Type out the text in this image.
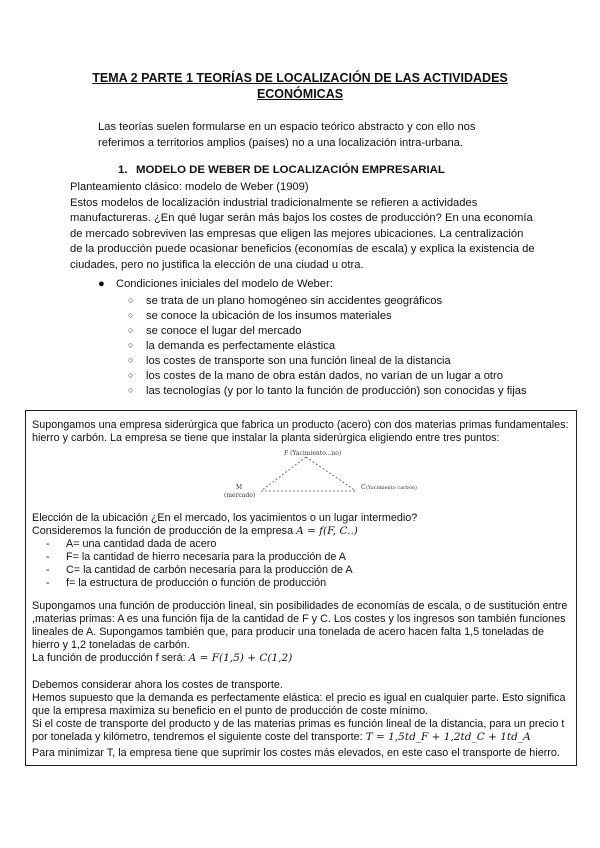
TEMA 2 PARTE 1 TEORÍAS DE LOCALIZACIÓN DE LAS ACTIVIDADES ECONÓMICAS
Las teorías suelen formularse en un espacio teórico abstracto y con ello nos referimos a territorios amplios (países) no a una localización intra-urbana.
1. MODELO DE WEBER DE LOCALIZACIÓN EMPRESARIAL
Planteamiento clásico: modelo de Weber (1909)
Estos modelos de localización industrial tradicionalmente se refieren a actividades manufactureras. ¿En qué lugar serán más bajos los costes de producción? En una economía de mercado sobreviven las empresas que eligen las mejores ubicaciones. La centralización de la producción puede ocasionar beneficios (economías de escala) y explica la existencia de ciudades, pero no justifica la elección de una ciudad u otra.
● Condiciones iniciales del modelo de Weber:
○ se trata de un plano homogéneo sin accidentes geográficos
○ se conoce la ubicación de los insumos materiales
○ se conoce el lugar del mercado
○ la demanda es perfectamente elástica
○ los costes de transporte son una función lineal de la distancia
○ los costes de la mano de obra están dados, no varían de un lugar a otro
○ las tecnologías (y por lo tanto la función de producción) son conocidas y fijas
Supongamos una empresa siderúrgica que fabrica un producto (acero) con dos materias primas fundamentales: hierro y carbón. La empresa se tiene que instalar la planta siderúrgica eligiendo entre tres puntos:
F (Yacimiento...no)
M
(mercado)
C (Yacimiento carbón)
Elección de la ubicación ¿En el mercado, los yacimientos o un lugar intermedio?
Consideremos la función de producción de la empresa A = f(F, C..)
- A= una cantidad dada de acero
- F= la cantidad de hierro necesaria para la producción de A
- C= la cantidad de carbón necesaria para la producción de A
- f= la estructura de producción o función de producción
Supongamos una función de producción lineal, sin posibilidades de economías de escala, o de sustitución entre ,materias primas: A es una función fija de la cantidad de F y C. Los costes y los ingresos son también funciones lineales de A. Supongamos también que, para producir una tonelada de acero hacen falta 1,5 toneladas de hierro y 1,2 toneladas de carbón.
La función de producción f será: A = F(1,5) + C(1,2)
Debemos considerar ahora los costes de transporte.
Hemos supuesto que la demanda es perfectamente elástica: el precio es igual en cualquier parte. Esto significa que la empresa maximiza su beneficio en el punto de producción de coste mínimo.
Si el coste de transporte del producto y de las materias primas es función lineal de la distancia, para un precio t por tonelada y kilómetro, tendremos el siguiente coste del transporte: T = 1,5td_F + 1,2td_C + 1td_A
Para minimizar T, la empresa tiene que suprimir los costes más elevados, en este caso el transporte de hierro.
